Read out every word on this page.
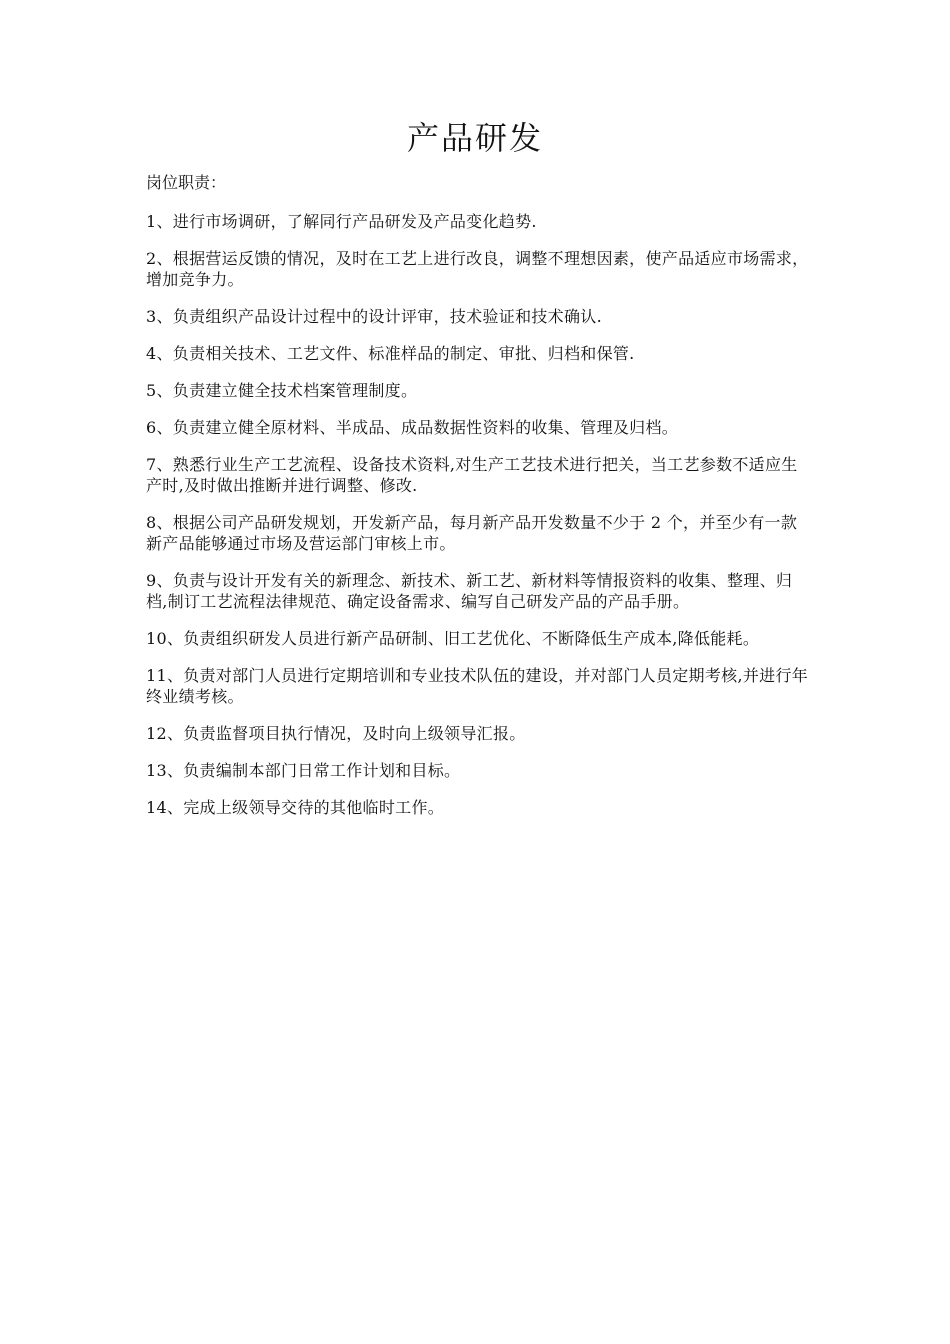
产品研发

岗位职责：

1、进行市场调研，了解同行产品研发及产品变化趋势.

2、根据营运反馈的情况，及时在工艺上进行改良，调整不理想因素，使产品适应市场需求，增加竞争力。

3、负责组织产品设计过程中的设计评审，技术验证和技术确认.

4、负责相关技术、工艺文件、标准样品的制定、审批、归档和保管.

5、负责建立健全技术档案管理制度。

6、负责建立健全原材料、半成品、成品数据性资料的收集、管理及归档。

7、熟悉行业生产工艺流程、设备技术资料,对生产工艺技术进行把关，当工艺参数不适应生产时,及时做出推断并进行调整、修改.

8、根据公司产品研发规划，开发新产品，每月新产品开发数量不少于 2 个，并至少有一款新产品能够通过市场及营运部门审核上市。

9、负责与设计开发有关的新理念、新技术、新工艺、新材料等情报资料的收集、整理、归档,制订工艺流程法律规范、确定设备需求、编写自己研发产品的产品手册。

10、负责组织研发人员进行新产品研制、旧工艺优化、不断降低生产成本,降低能耗。

11、负责对部门人员进行定期培训和专业技术队伍的建设，并对部门人员定期考核,并进行年终业绩考核。

12、负责监督项目执行情况，及时向上级领导汇报。

13、负责编制本部门日常工作计划和目标。

14、完成上级领导交待的其他临时工作。
